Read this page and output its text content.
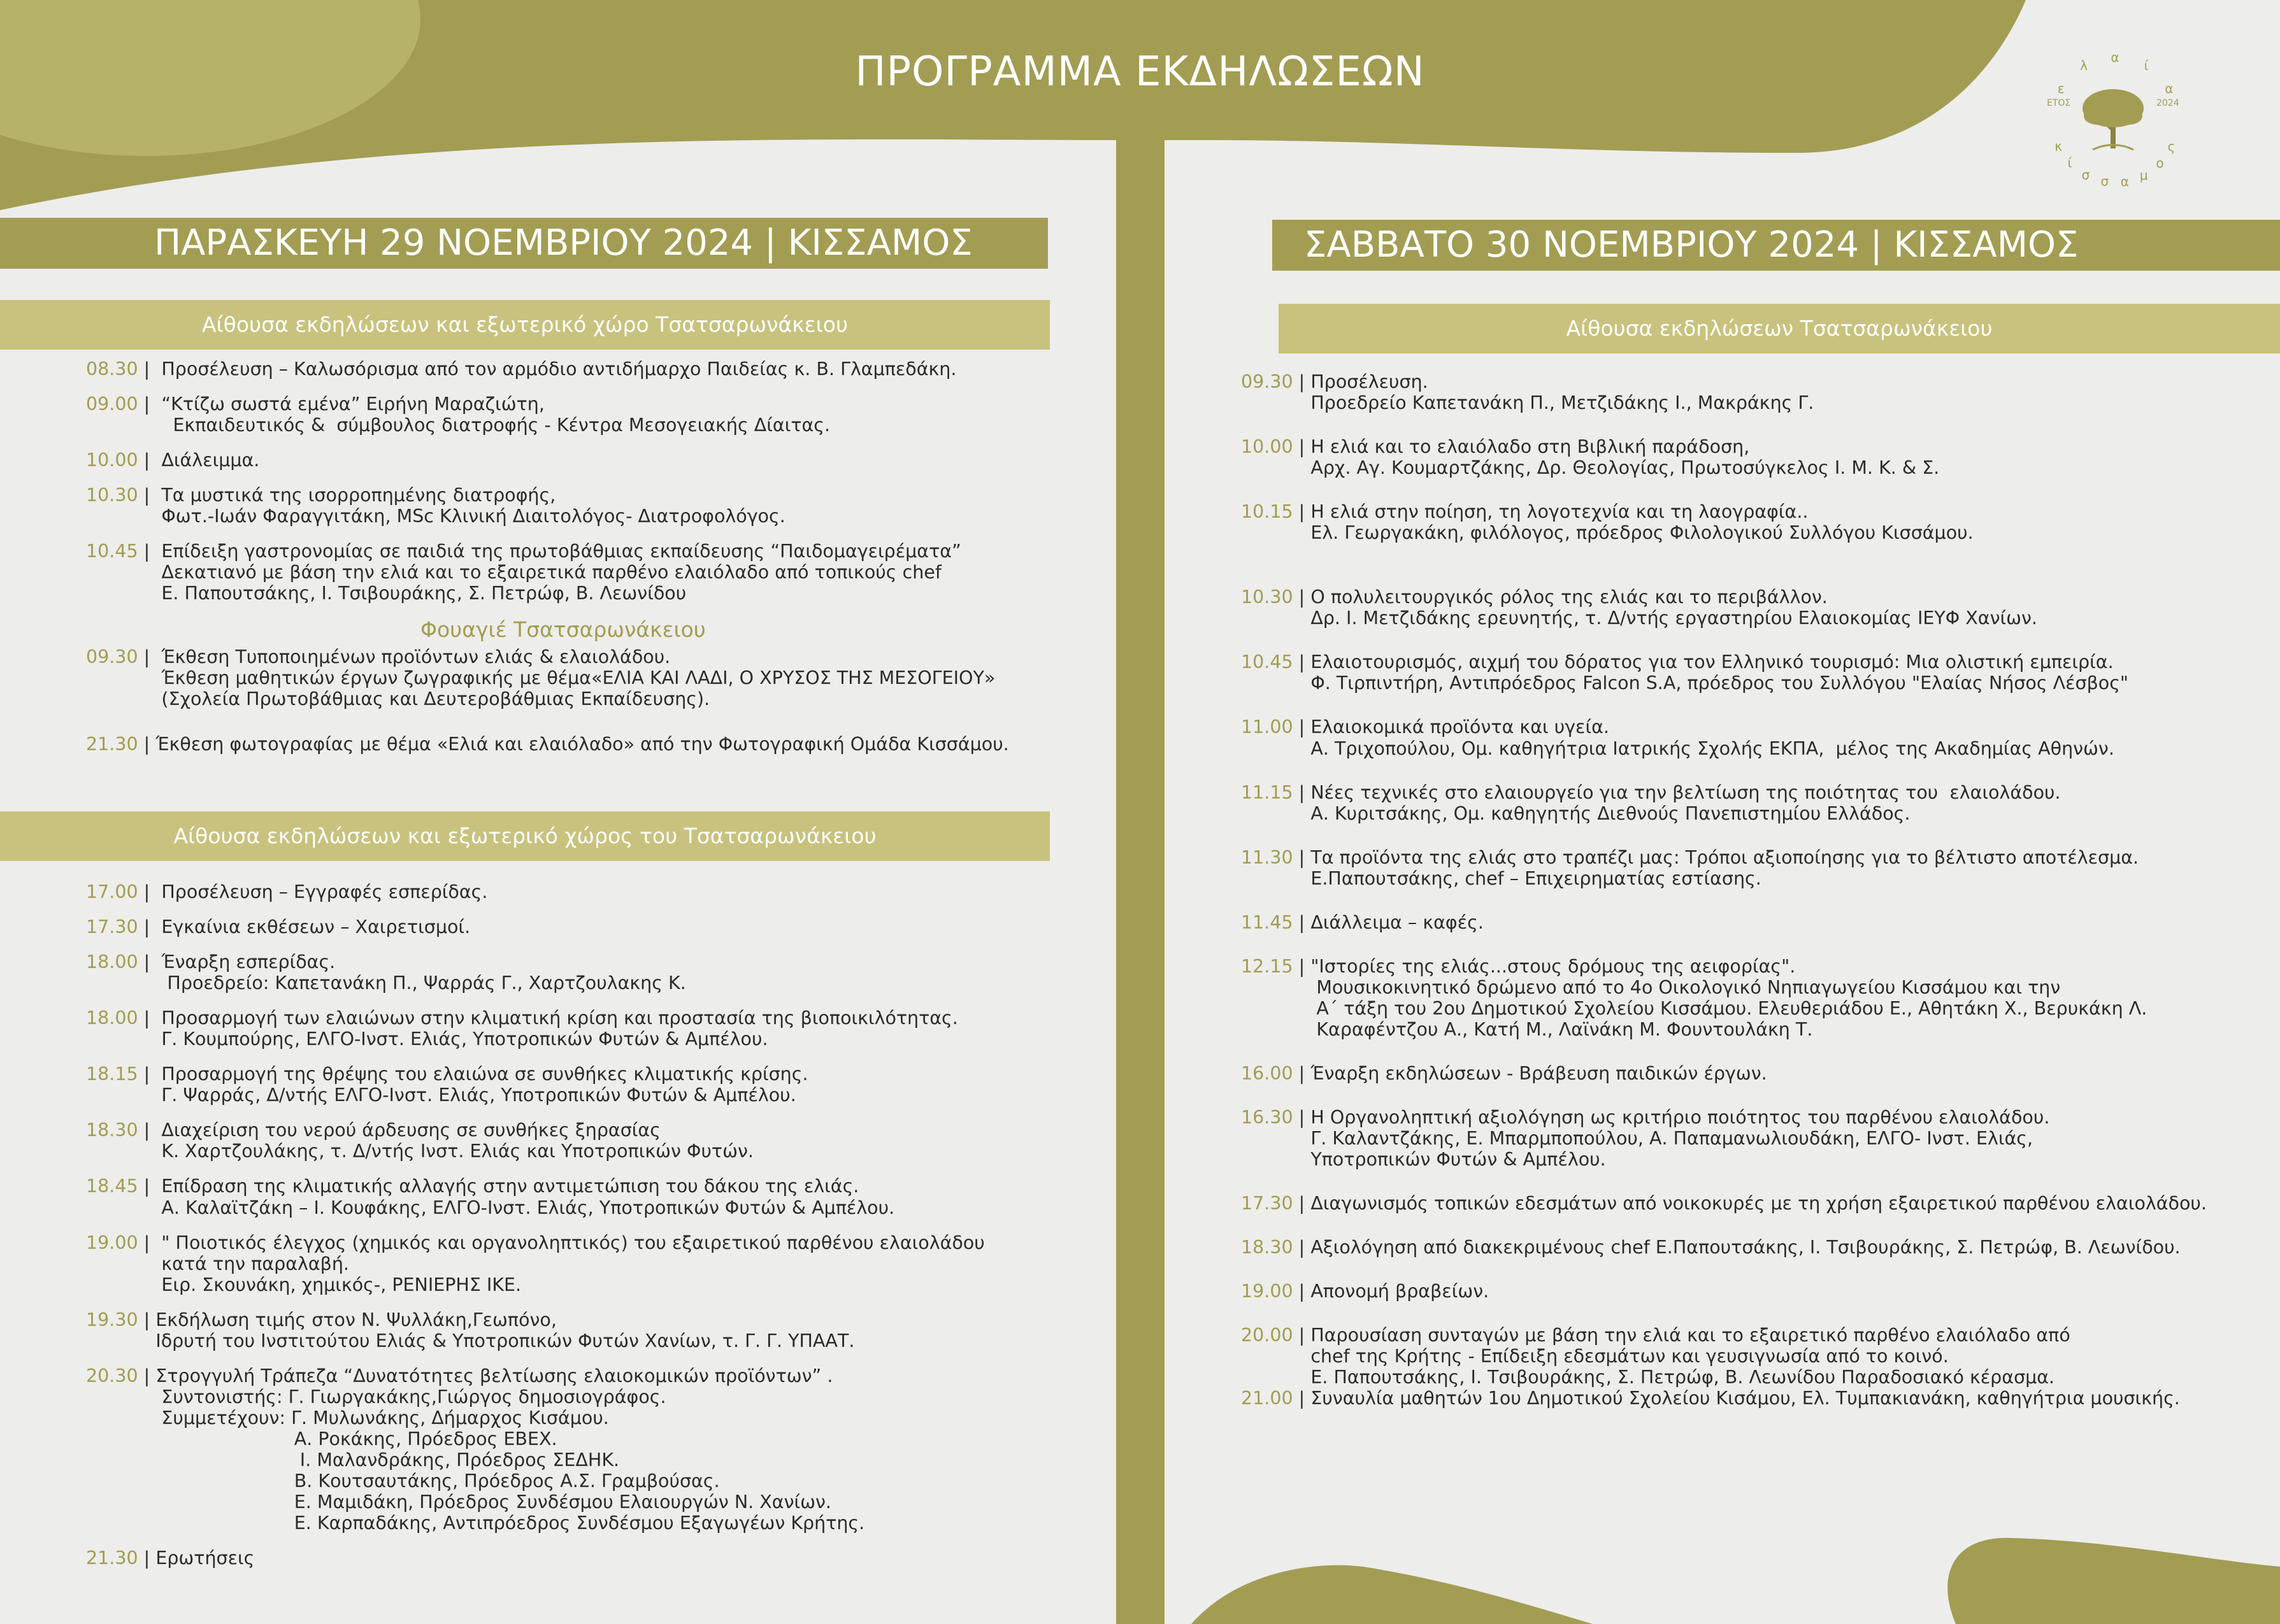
ΠΡΟΓΡΑΜΜΑ ΕΚΔΗΛΩΣΕΩΝ	ε
λ
α
ί
α
κ
ί
σ σ α μ
ο
ς
ΕΤΟΣ	2024
ΠΑΡΑΣΚΕΥΗ 29 ΝΟΕΜΒΡΙΟΥ 2024 | ΚΙΣΣΑΜΟΣ
Αίθουσα εκδηλώσεων και εξωτερικό χώρο Τσατσαρωνάκειου
08.30 | Προσέλευση – Καλωσόρισμα από τον αρμόδιο αντιδήμαρχο Παιδείας κ. Β. Γλαμπεδάκη.
09.00 | “Κτίζω σωστά εμένα” Ειρήνη Μαραζιώτη,
Εκπαιδευτικός &  σύμβουλος διατροφής - Κέντρα Μεσογειακής Δίαιτας.
10.00 | Διάλειμμα.
10.30 | Τα μυστικά της ισορροπημένης διατροφής,
Φωτ.-Ιωάν Φαραγγιτάκη, MSc Κλινική Διαιτολόγος- Διατροφολόγος.
10.45 | Επίδειξη γαστρονομίας σε παιδιά της πρωτοβάθμιας εκπαίδευσης “Παιδομαγειρέματα”
Δεκατιανό με βάση την ελιά και το εξαιρετικά παρθένο ελαιόλαδο από τοπικούς chef
Ε. Παπουτσάκης, Ι. Τσιβουράκης, Σ. Πετρώφ, Β. Λεωνίδου
Φουαγιέ Τσατσαρωνάκειου
09.30 | Έκθεση Τυποποιημένων προϊόντων ελιάς & ελαιολάδου.
Έκθεση μαθητικών έργων ζωγραφικής με θέμα«ΕΛΙΑ ΚΑΙ ΛΑΔΙ, Ο ΧΡΥΣΟΣ ΤΗΣ ΜΕΣΟΓΕΙΟΥ»
(Σχολεία Πρωτοβάθμιας και Δευτεροβάθμιας Εκπαίδευσης).
21.30 | Έκθεση φωτογραφίας με θέμα «Ελιά και ελαιόλαδο» από την Φωτογραφική Ομάδα Κισσάμου.
Αίθουσα εκδηλώσεων και εξωτερικό χώρος του Τσατσαρωνάκειου
17.00 | Προσέλευση – Εγγραφές εσπερίδας.
17.30 | Εγκαίνια εκθέσεων – Χαιρετισμοί.
18.00 | Έναρξη εσπερίδας.
Προεδρείο: Καπετανάκη Π., Ψαρράς Γ., Χαρτζουλακης Κ.
18.00 | Προσαρμογή των ελαιώνων στην κλιματική κρίση και προστασία της βιοποικιλότητας.
Γ. Κουμπούρης, ΕΛΓΟ-Ινστ. Ελιάς, Υποτροπικών Φυτών & Αμπέλου.
18.15 | Προσαρμογή της θρέψης του ελαιώνα σε συνθήκες κλιματικής κρίσης.
Γ. Ψαρράς, Δ/ντής ΕΛΓΟ-Ινστ. Ελιάς, Υποτροπικών Φυτών & Αμπέλου.
18.30 | Διαχείριση του νερού άρδευσης σε συνθήκες ξηρασίας
Κ. Χαρτζουλάκης, τ. Δ/ντής Ινστ. Ελιάς και Υποτροπικών Φυτών.
18.45 | Επίδραση της κλιματικής αλλαγής στην αντιμετώπιση του δάκου της ελιάς.
Α. Καλαϊτζάκη – Ι. Κουφάκης, ΕΛΓΟ-Ινστ. Ελιάς, Υποτροπικών Φυτών & Αμπέλου.
19.00 | " Ποιοτικός έλεγχος (χημικός και οργανοληπτικός) του εξαιρετικού παρθένου ελαιολάδου
κατά την παραλαβή.
Ειρ. Σκουνάκη, χημικός-, ΡΕΝΙΕΡΗΣ ΙΚΕ.
19.30 | Εκδήλωση τιμής στον Ν. Ψυλλάκη,Γεωπόνο,
Ιδρυτή του Ινστιτούτου Ελιάς & Υποτροπικών Φυτών Χανίων, τ. Γ. Γ. ΥΠΑΑΤ.
20.30 | Στρογγυλή Τράπεζα “Δυνατότητες βελτίωσης ελαιοκομικών προϊόντων” .
Συντονιστής: Γ. Γιωργακάκης,Γιώργος δημοσιογράφος.
Συμμετέχουν: Γ. Μυλωνάκης, Δήμαρχος Κισάμου.
Α. Ροκάκης, Πρόεδρος ΕΒΕΧ.
Ι. Μαλανδράκης, Πρόεδρος ΣΕΔΗΚ.
Β. Κουτσαυτάκης, Πρόεδρος Α.Σ. Γραμβούσας.
Ε. Μαμιδάκη, Πρόεδρος Συνδέσμου Ελαιουργών Ν. Χανίων.
Ε. Καρπαδάκης, Αντιπρόεδρος Συνδέσμου Εξαγωγέων Κρήτης.
21.30 | Ερωτήσεις
ΣΑΒΒΑΤΟ 30 ΝΟΕΜΒΡΙΟΥ 2024 | ΚΙΣΣΑΜΟΣ
Αίθουσα εκδηλώσεων Τσατσαρωνάκειου
09.30 | Προσέλευση.
Προεδρείο Καπετανάκη Π., Μετζιδάκης Ι., Μακράκης Γ.
10.00 | Η ελιά και το ελαιόλαδο στη Βιβλική παράδοση,
Αρχ. Αγ. Κουμαρτζάκης, Δρ. Θεολογίας, Πρωτοσύγκελος Ι. Μ. Κ. & Σ.
10.15 | Η ελιά στην ποίηση, τη λογοτεχνία και τη λαογραφία..
Ελ. Γεωργακάκη, φιλόλογος, πρόεδρος Φιλολογικού Συλλόγου Κισσάμου.
10.30 | Ο πολυλειτουργικός ρόλος της ελιάς και το περιβάλλον.
Δρ. Ι. Μετζιδάκης ερευνητής, τ. Δ/ντής εργαστηρίου Ελαιοκομίας ΙΕΥΦ Χανίων.
10.45 | Ελαιοτουρισμός, αιχμή του δόρατος για τον Ελληνικό τουρισμό: Μια ολιστική εμπειρία.
Φ. Τιρπιντήρη, Αντιπρόεδρος Falcon S.A, πρόεδρος του Συλλόγου "Ελαίας Νήσος Λέσβος"
11.00 | Ελαιοκομικά προϊόντα και υγεία.
Α. Τριχοπούλου, Ομ. καθηγήτρια Ιατρικής Σχολής ΕΚΠΑ,  μέλος της Ακαδημίας Αθηνών.
11.15 | Νέες τεχνικές στο ελαιουργείο για την βελτίωση της ποιότητας του  ελαιολάδου.
Α. Κυριτσάκης, Ομ. καθηγητής Διεθνούς Πανεπιστημίου Ελλάδος.
11.30 | Τα προϊόντα της ελιάς στο τραπέζι μας: Τρόποι αξιοποίησης για το βέλτιστο αποτέλεσμα.
Ε.Παπουτσάκης, chef – Επιχειρηματίας εστίασης.
11.45 | Διάλλειμα – καφές.
12.15 | "Ιστορίες της ελιάς...στους δρόμους της αειφορίας".
Μουσικοκινητικό δρώμενο από το 4ο Οικολογικό Νηπιαγωγείου Κισσάμου και την
Α΄ τάξη του 2ου Δημοτικού Σχολείου Κισσάμου. Ελευθεριάδου Ε., Αθητάκη Χ., Βερυκάκη Λ.
Καραφέντζου Α., Κατή Μ., Λαϊνάκη Μ. Φουντουλάκη Τ.
16.00 | Έναρξη εκδηλώσεων - Βράβευση παιδικών έργων.
16.30 | Η Οργανοληπτική αξιολόγηση ως κριτήριο ποιότητος του παρθένου ελαιολάδου.
Γ. Καλαντζάκης, Ε. Μπαρμποπούλου, Α. Παπαμανωλιουδάκη, ΕΛΓΟ- Ινστ. Ελιάς,
Υποτροπικών Φυτών & Αμπέλου.
17.30 | Διαγωνισμός τοπικών εδεσμάτων από νοικοκυρές με τη χρήση εξαιρετικού παρθένου ελαιολάδου.
18.30 | Αξιολόγηση από διακεκριμένους chef Ε.Παπουτσάκης, Ι. Τσιβουράκης, Σ. Πετρώφ, Β. Λεωνίδου.
19.00 | Απονομή βραβείων.
20.00 | Παρουσίαση συνταγών με βάση την ελιά και το εξαιρετικό παρθένο ελαιόλαδο από
chef της Κρήτης - Επίδειξη εδεσμάτων και γευσιγνωσία από το κοινό.
Ε. Παπουτσάκης, Ι. Τσιβουράκης, Σ. Πετρώφ, Β. Λεωνίδου Παραδοσιακό κέρασμα.
21.00 | Συναυλία μαθητών 1ου Δημοτικού Σχολείου Κισάμου, Ελ. Τυμπακιανάκη, καθηγήτρια μουσικής.
